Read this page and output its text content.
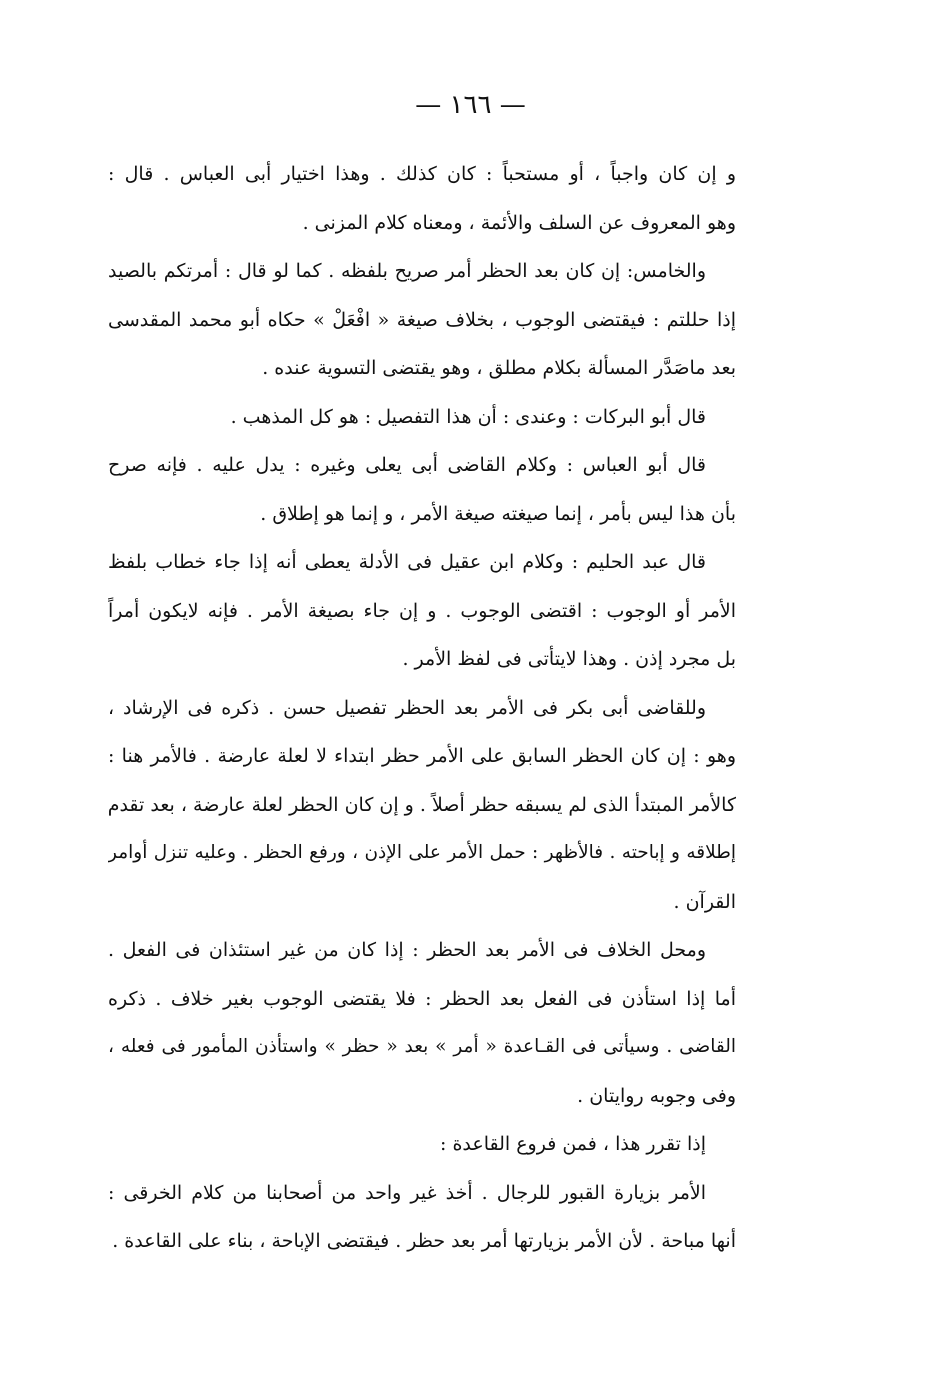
— ١٦٦ —
و إن كان واجباً ، أو مستحباً : كان كذلك . وهذا اختيار أبى العباس . قال :
وهو المعروف عن السلف والأئمة ، ومعناه كلام المزنى .
والخامس: إن كان بعد الحظر أمر صريح بلفظه . كما لو قال : أمرتكم بالصيد
إذا حللتم : فيقتضى الوجوب ، بخلاف صيغة « افْعَلْ » حكاه أبو محمد المقدسى
بعد ماصَدَّر المسألة بكلام مطلق ، وهو يقتضى التسوية عنده .
قال أبو البركات : وعندى : أن هذا التفصيل : هو كل المذهب .
قال أبو العباس : وكلام القاضى أبى يعلى وغيره : يدل عليه . فإنه صرح
بأن هذا ليس بأمر ، إنما صيغته صيغة الأمر ، و إنما هو إطلاق .
قال عبد الحليم : وكلام ابن عقيل فى الأدلة يعطى أنه إذا جاء خطاب بلفظ
الأمر أو الوجوب : اقتضى الوجوب . و إن جاء بصيغة الأمر . فإنه لايكون أمراً
بل مجرد إذن . وهذا لايتأتى فى لفظ الأمر .
وللقاضى أبى بكر فى الأمر بعد الحظر تفصيل حسن . ذكره فى الإرشاد ،
وهو : إن كان الحظر السابق على الأمر حظر ابتداء لا لعلة عارضة . فالأمر هنا :
كالأمر المبتدأ الذى لم يسبقه حظر أصلاً . و إن كان الحظر لعلة عارضة ، بعد تقدم
إطلاقه و إباحته . فالأظهر : حمل الأمر على الإذن ، ورفع الحظر . وعليه تنزل أوامر
القرآن .
ومحل الخلاف فى الأمر بعد الحظر : إذا كان من غير استئذان فى الفعل .
أما إذا استأذن فى الفعل بعد الحظر : فلا يقتضى الوجوب بغير خلاف . ذكره
القاضى . وسيأتى فى القـاعدة « أمر » بعد « حظر » واستأذن المأمور فى فعله ،
وفى وجوبه روايتان .
إذا تقرر هذا ، فمن فروع القاعدة :
الأمر بزيارة القبور للرجال . أخذ غير واحد من أصحابنا من كلام الخرقى :
أنها مباحة . لأن الأمر بزيارتها أمر بعد حظر . فيقتضى الإباحة ، بناء على القاعدة .
